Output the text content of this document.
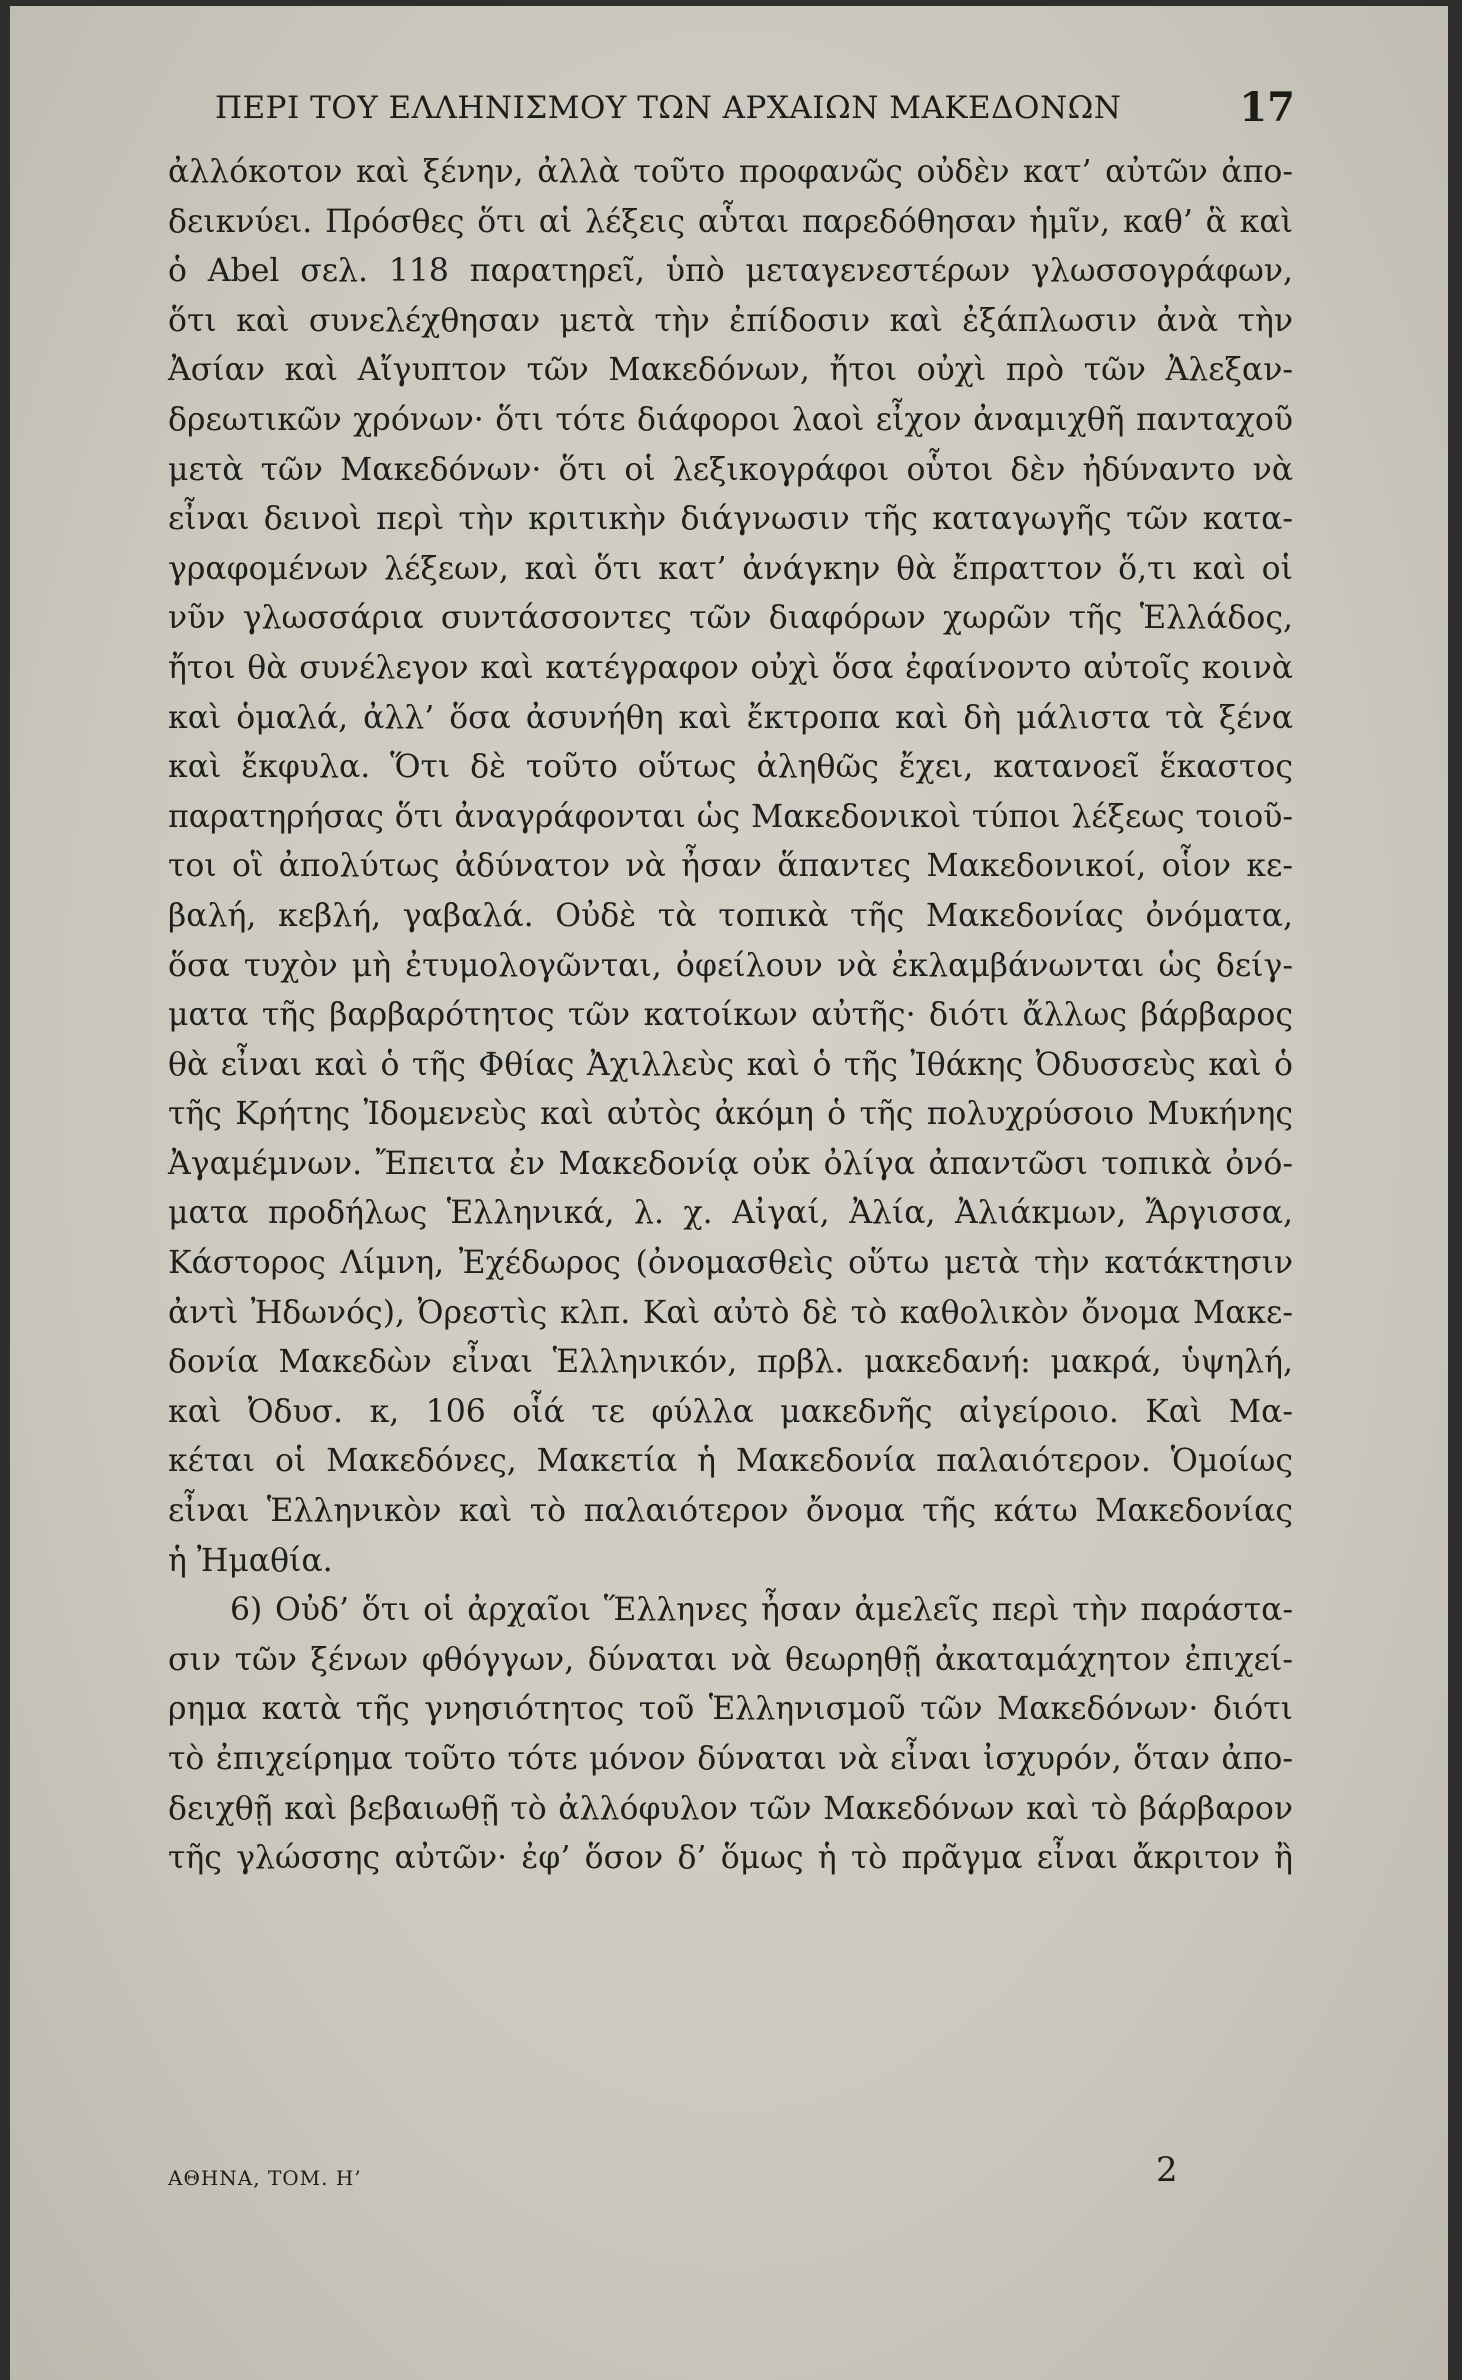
ΠΕΡΙ ΤΟΥ ΕΛΛΗΝΙΣΜΟΥ ΤΩΝ ΑΡΧΑΙΩΝ ΜΑΚΕΔΟΝΩΝ	17
ἀλλόκοτον καὶ ξένην, ἀλλὰ τοῦτο προφανῶς οὐδὲν κατ’ αὐτῶν ἀπο-
δεικνύει. Πρόσθες ὅτι αἱ λέξεις αὗται παρεδόθησαν ἡμῖν, καθ’ ἃ καὶ
ὁ Abel σελ. 118 παρατηρεῖ, ὑπὸ μεταγενεστέρων γλωσσογράφων,
ὅτι καὶ συνελέχθησαν μετὰ τὴν ἐπίδοσιν καὶ ἐξάπλωσιν ἀνὰ τὴν
Ἀσίαν καὶ Αἴγυπτον τῶν Μακεδόνων, ἤτοι οὐχὶ πρὸ τῶν Ἀλεξαν-
δρεωτικῶν χρόνων· ὅτι τότε διάφοροι λαοὶ εἶχον ἀναμιχθῆ πανταχοῦ
μετὰ τῶν Μακεδόνων· ὅτι οἱ λεξικογράφοι οὗτοι δὲν ἠδύναντο νὰ
εἶναι δεινοὶ περὶ τὴν κριτικὴν διάγνωσιν τῆς καταγωγῆς τῶν κατα-
γραφομένων λέξεων, καὶ ὅτι κατ’ ἀνάγκην θὰ ἔπραττον ὅ,τι καὶ οἱ
νῦν γλωσσάρια συντάσσοντες τῶν διαφόρων χωρῶν τῆς Ἑλλάδος,
ἤτοι θὰ συνέλεγον καὶ κατέγραφον οὐχὶ ὅσα ἐφαίνοντο αὐτοῖς κοινὰ
καὶ ὁμαλά, ἀλλ’ ὅσα ἀσυνήθη καὶ ἔκτροπα καὶ δὴ μάλιστα τὰ ξένα
καὶ ἔκφυλα. Ὅτι δὲ τοῦτο οὕτως ἀληθῶς ἔχει, κατανοεῖ ἕκαστος
παρατηρήσας ὅτι ἀναγράφονται ὡς Μακεδονικοὶ τύποι λέξεως τοιοῦ-
τοι οἳ ἀπολύτως ἀδύνατον νὰ ἦσαν ἅπαντες Μακεδονικοί, οἷον κε-
βαλή, κεβλή, γαβαλά. Οὐδὲ τὰ τοπικὰ τῆς Μακεδονίας ὀνόματα,
ὅσα τυχὸν μὴ ἐτυμολογῶνται, ὀφείλουν νὰ ἐκλαμβάνωνται ὡς δείγ-
ματα τῆς βαρβαρότητος τῶν κατοίκων αὐτῆς· διότι ἄλλως βάρβαρος
θὰ εἶναι καὶ ὁ τῆς Φθίας Ἀχιλλεὺς καὶ ὁ τῆς Ἰθάκης Ὀδυσσεὺς καὶ ὁ
τῆς Κρήτης Ἰδομενεὺς καὶ αὐτὸς ἀκόμη ὁ τῆς πολυχρύσοιο Μυκήνης
Ἀγαμέμνων. Ἔπειτα ἐν Μακεδονίᾳ οὐκ ὀλίγα ἀπαντῶσι τοπικὰ ὀνό-
ματα προδήλως Ἑλληνικά, λ. χ. Αἰγαί, Ἀλία, Ἀλιάκμων, Ἄργισσα,
Κάστορος Λίμνη, Ἐχέδωρος (ὀνομασθεὶς οὕτω μετὰ τὴν κατάκτησιν
ἀντὶ Ἠδωνός), Ὀρεστὶς κλπ. Καὶ αὐτὸ δὲ τὸ καθολικὸν ὄνομα Μακε-
δονία Μακεδὼν εἶναι Ἑλληνικόν, πρβλ. μακεδανή: μακρά, ὑψηλή,
καὶ Ὀδυσ. κ, 106 οἷά τε φύλλα μακεδνῆς αἰγείροιο. Καὶ Μα-
κέται οἱ Μακεδόνες, Μακετία ἡ Μακεδονία παλαιότερον. Ὁμοίως
εἶναι Ἑλληνικὸν καὶ τὸ παλαιότερον ὄνομα τῆς κάτω Μακεδονίας
ἡ Ἠμαθία.
6) Οὐδ’ ὅτι οἱ ἀρχαῖοι Ἕλληνες ἦσαν ἀμελεῖς περὶ τὴν παράστα-
σιν τῶν ξένων φθόγγων, δύναται νὰ θεωρηθῇ ἀκαταμάχητον ἐπιχεί-
ρημα κατὰ τῆς γνησιότητος τοῦ Ἑλληνισμοῦ τῶν Μακεδόνων· διότι
τὸ ἐπιχείρημα τοῦτο τότε μόνον δύναται νὰ εἶναι ἰσχυρόν, ὅταν ἀπο-
δειχθῇ καὶ βεβαιωθῇ τὸ ἀλλόφυλον τῶν Μακεδόνων καὶ τὸ βάρβαρον
τῆς γλώσσης αὐτῶν· ἐφ’ ὅσον δ’ ὅμως ἡ τὸ πρᾶγμα εἶναι ἄκριτον ἢ
ΑΘΗΝΑ, ΤΟΜ. Η’	2
